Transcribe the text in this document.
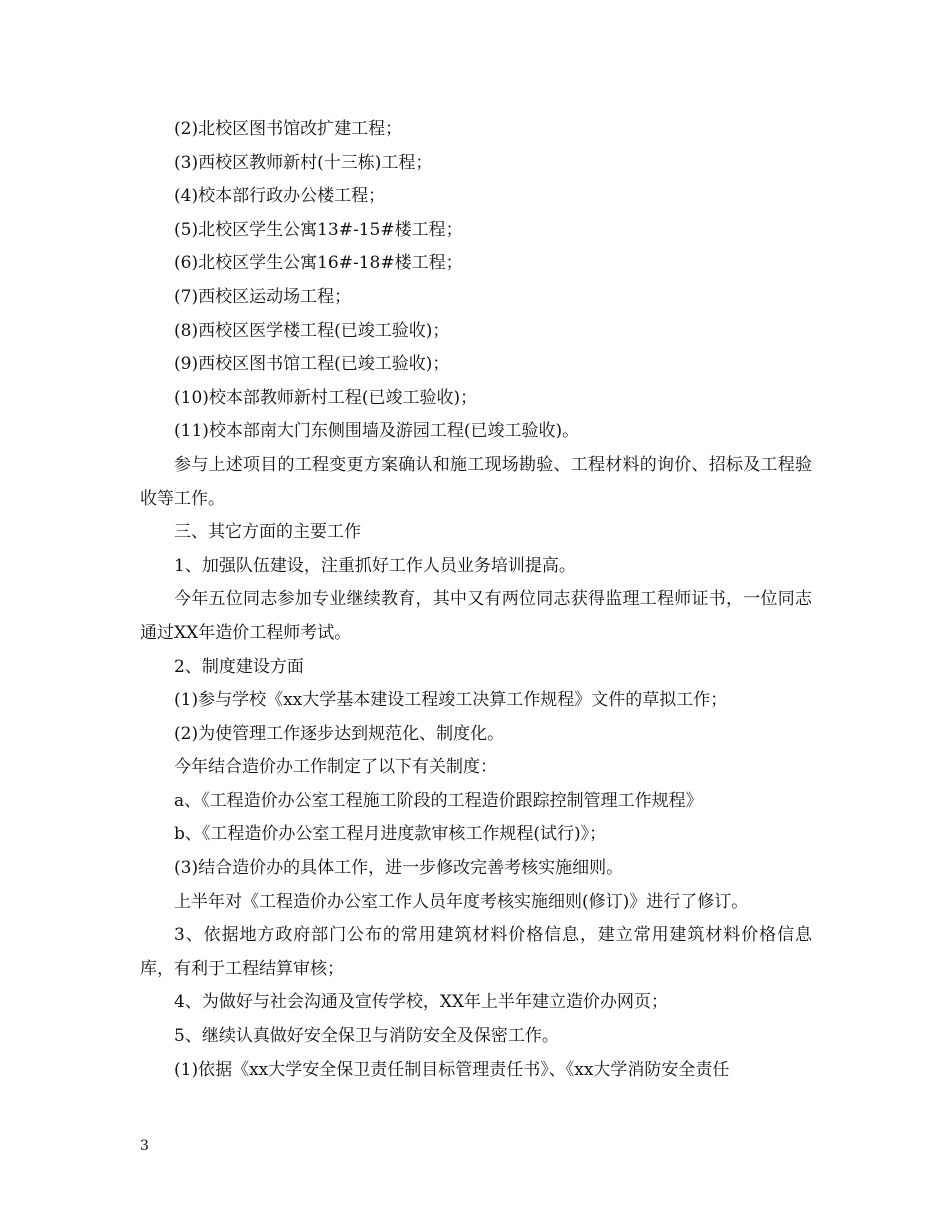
(2)北校区图书馆改扩建工程；

(3)西校区教师新村(十三栋)工程；

(4)校本部行政办公楼工程；

(5)北校区学生公寓13#-15#楼工程；

(6)北校区学生公寓16#-18#楼工程；

(7)西校区运动场工程；

(8)西校区医学楼工程(已竣工验收)；

(9)西校区图书馆工程(已竣工验收)；

(10)校本部教师新村工程(已竣工验收)；

(11)校本部南大门东侧围墙及游园工程(已竣工验收)。

参与上述项目的工程变更方案确认和施工现场勘验、工程材料的询价、招标及工程验收等工作。

三、其它方面的主要工作

1、加强队伍建设，注重抓好工作人员业务培训提高。

今年五位同志参加专业继续教育，其中又有两位同志获得监理工程师证书，一位同志通过XX年造价工程师考试。

2、制度建设方面

(1)参与学校《xx大学基本建设工程竣工决算工作规程》文件的草拟工作；

(2)为使管理工作逐步达到规范化、制度化。

今年结合造价办工作制定了以下有关制度：

a、《工程造价办公室工程施工阶段的工程造价跟踪控制管理工作规程》

b、《工程造价办公室工程月进度款审核工作规程(试行)》；

(3)结合造价办的具体工作，进一步修改完善考核实施细则。

上半年对《工程造价办公室工作人员年度考核实施细则(修订)》进行了修订。

3、依据地方政府部门公布的常用建筑材料价格信息，建立常用建筑材料价格信息库，有利于工程结算审核；

4、为做好与社会沟通及宣传学校，XX年上半年建立造价办网页；

5、继续认真做好安全保卫与消防安全及保密工作。

(1)依据《xx大学安全保卫责任制目标管理责任书》、《xx大学消防安全责任

3
